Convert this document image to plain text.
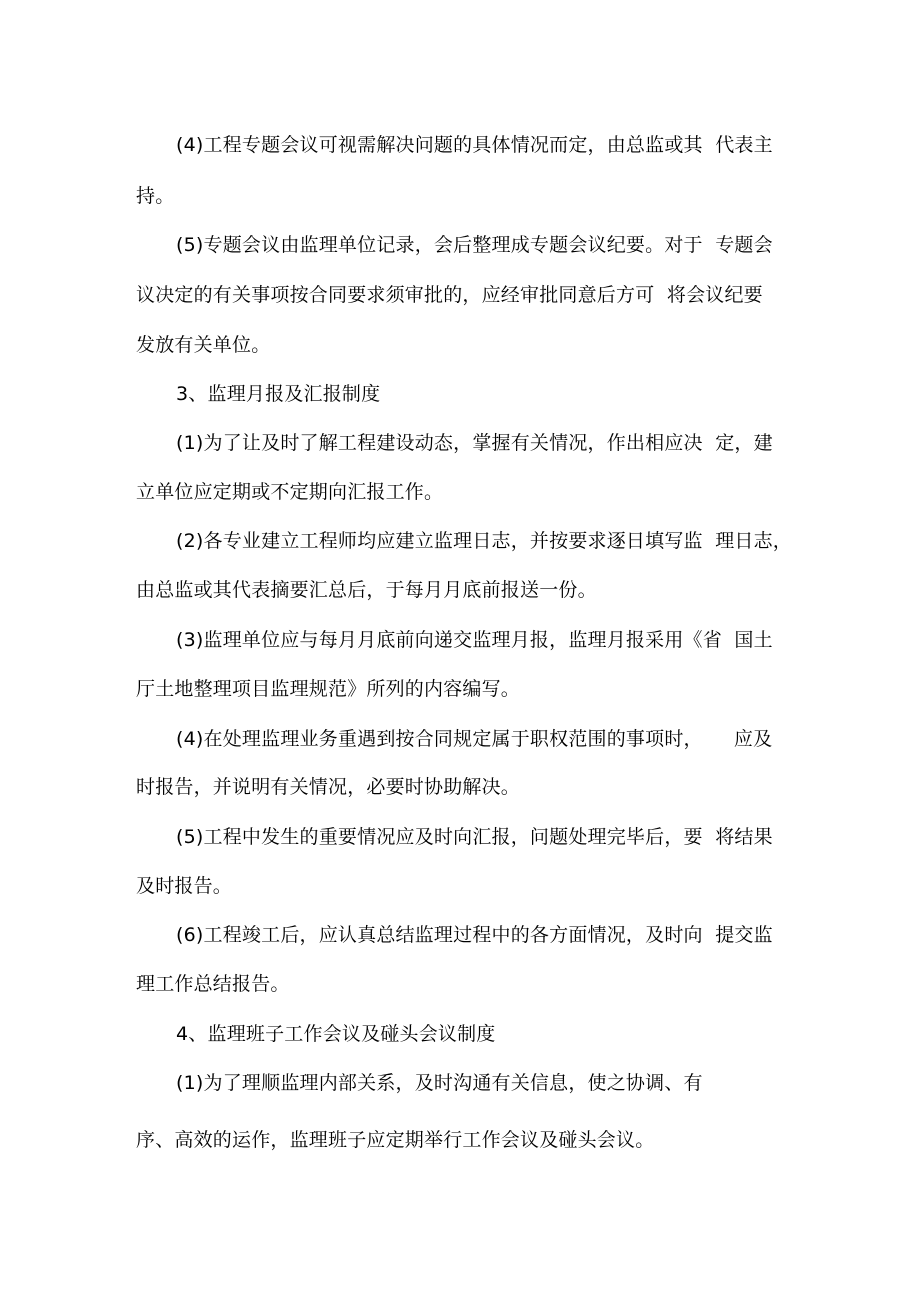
(4)工程专题会议可视需解决问题的具体情况而定，由总监或其  代表主
持。
(5)专题会议由监理单位记录，会后整理成专题会议纪要。对于  专题会
议决定的有关事项按合同要求须审批的，应经审批同意后方可  将会议纪要
发放有关单位。
3、监理月报及汇报制度
(1)为了让及时了解工程建设动态，掌握有关情况，作出相应决  定，建
立单位应定期或不定期向汇报工作。
(2)各专业建立工程师均应建立监理日志，并按要求逐日填写监  理日志，
由总监或其代表摘要汇总后，于每月月底前报送一份。
(3)监理单位应与每月月底前向递交监理月报，监理月报采用《省  国土
厅土地整理项目监理规范》所列的内容编写。
(4)在处理监理业务重遇到按合同规定属于职权范围的事项时，     应及
时报告，并说明有关情况，必要时协助解决。
(5)工程中发生的重要情况应及时向汇报，问题处理完毕后，要  将结果
及时报告。
(6)工程竣工后，应认真总结监理过程中的各方面情况，及时向  提交监
理工作总结报告。
4、监理班子工作会议及碰头会议制度
(1)为了理顺监理内部关系，及时沟通有关信息，使之协调、有
序、高效的运作，监理班子应定期举行工作会议及碰头会议。
